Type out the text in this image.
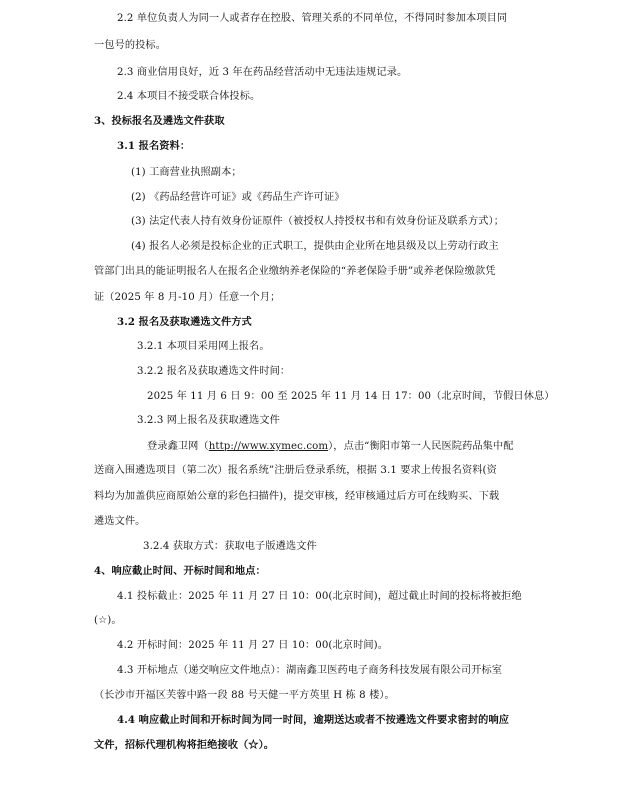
2.2 单位负责人为同一人或者存在控股、管理关系的不同单位，不得同时参加本项目同
一包号的投标。
2.3 商业信用良好，近 3 年在药品经营活动中无违法违规记录。
2.4 本项目不接受联合体投标。
3、投标报名及遴选文件获取
3.1 报名资料：
(1) 工商营业执照副本；
(2) 《药品经营许可证》或《药品生产许可证》
(3) 法定代表人持有效身份证原件（被授权人持授权书和有效身份证及联系方式）；
(4) 报名人必须是投标企业的正式职工，提供由企业所在地县级及以上劳动行政主
管部门出具的能证明报名人在报名企业缴纳养老保险的“养老保险手册”或养老保险缴款凭
证（2025 年 8 月-10 月）任意一个月；
3.2 报名及获取遴选文件方式
3.2.1 本项目采用网上报名。
3.2.2 报名及获取遴选文件时间：
2025 年 11 月 6 日 9：00 至 2025 年 11 月 14 日 17：00（北京时间，节假日休息）
3.2.3 网上报名及获取遴选文件
登录鑫卫网（http://www.xymec.com），点击“衡阳市第一人民医院药品集中配
送商入围遴选项目（第二次）报名系统”注册后登录系统，根据 3.1 要求上传报名资料(资
料均为加盖供应商原始公章的彩色扫描件)，提交审核，经审核通过后方可在线购买、下载
遴选文件。
3.2.4 获取方式：获取电子版遴选文件
4、响应截止时间、开标时间和地点：
4.1 投标截止：2025 年 11 月 27 日 10：00(北京时间)，超过截止时间的投标将被拒绝
(☆)。
4.2 开标时间：2025 年 11 月 27 日 10：00(北京时间)。
4.3 开标地点（递交响应文件地点）：湖南鑫卫医药电子商务科技发展有限公司开标室
（长沙市开福区芙蓉中路一段 88 号天健一平方英里 H 栋 8 楼）。
4.4 响应截止时间和开标时间为同一时间，逾期送达或者不按遴选文件要求密封的响应
文件，招标代理机构将拒绝接收（☆）。
